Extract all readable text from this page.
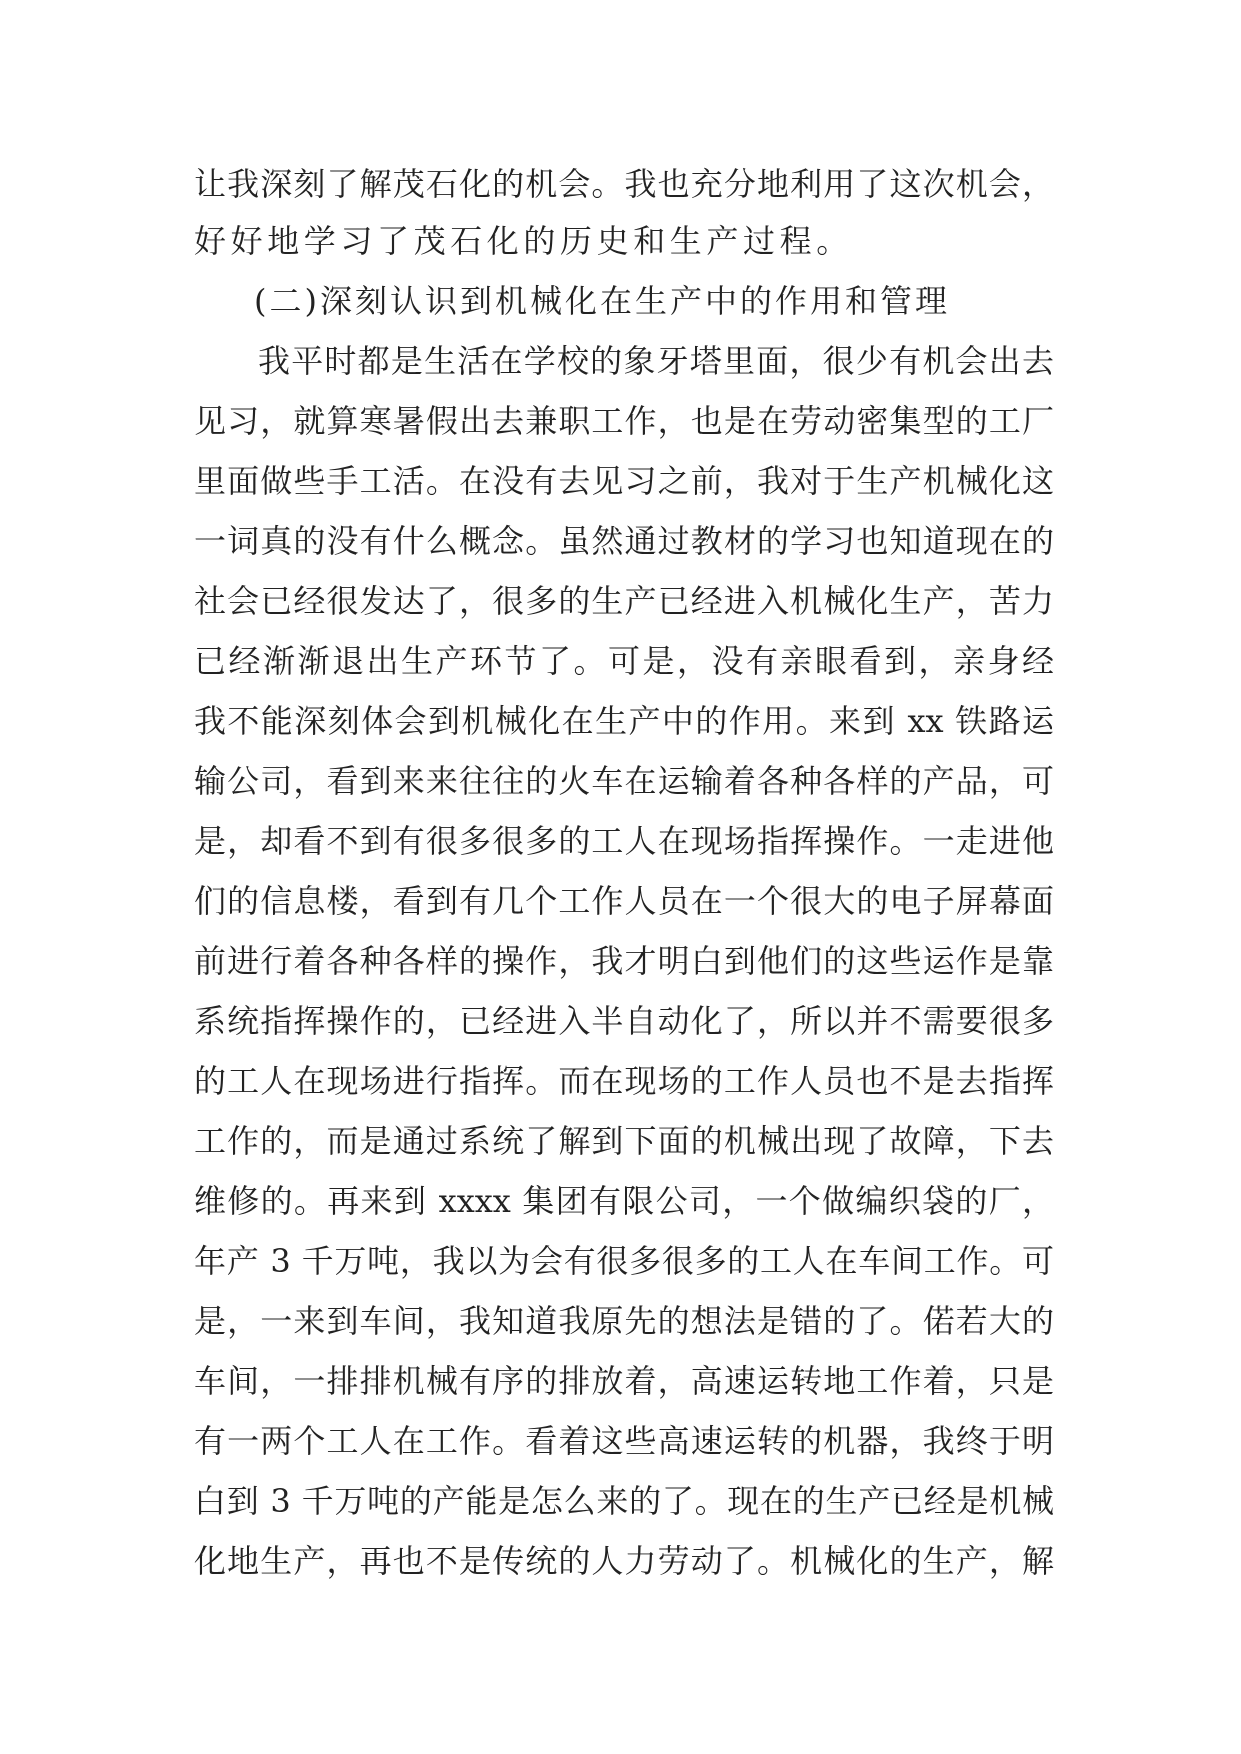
让我深刻了解茂石化的机会。我也充分地利用了这次机会，
好好地学习了茂石化的历史和生产过程。
(二)深刻认识到机械化在生产中的作用和管理
我平时都是生活在学校的象牙塔里面，很少有机会出去
见习，就算寒暑假出去兼职工作，也是在劳动密集型的工厂
里面做些手工活。在没有去见习之前，我对于生产机械化这
一词真的没有什么概念。虽然通过教材的学习也知道现在的
社会已经很发达了，很多的生产已经进入机械化生产，苦力
已经渐渐退出生产环节了。可是，没有亲眼看到，亲身经
我不能深刻体会到机械化在生产中的作用。来到 xx 铁路运
输公司，看到来来往往的火车在运输着各种各样的产品，可
是，却看不到有很多很多的工人在现场指挥操作。一走进他
们的信息楼，看到有几个工作人员在一个很大的电子屏幕面
前进行着各种各样的操作，我才明白到他们的这些运作是靠
系统指挥操作的，已经进入半自动化了，所以并不需要很多
的工人在现场进行指挥。而在现场的工作人员也不是去指挥
工作的，而是通过系统了解到下面的机械出现了故障，下去
维修的。再来到 xxxx 集团有限公司，一个做编织袋的厂，
年产 3 千万吨，我以为会有很多很多的工人在车间工作。可
是，一来到车间，我知道我原先的想法是错的了。偌若大的
车间，一排排机械有序的排放着，高速运转地工作着，只是
有一两个工人在工作。看着这些高速运转的机器，我终于明
白到 3 千万吨的产能是怎么来的了。现在的生产已经是机械
化地生产，再也不是传统的人力劳动了。机械化的生产，解
